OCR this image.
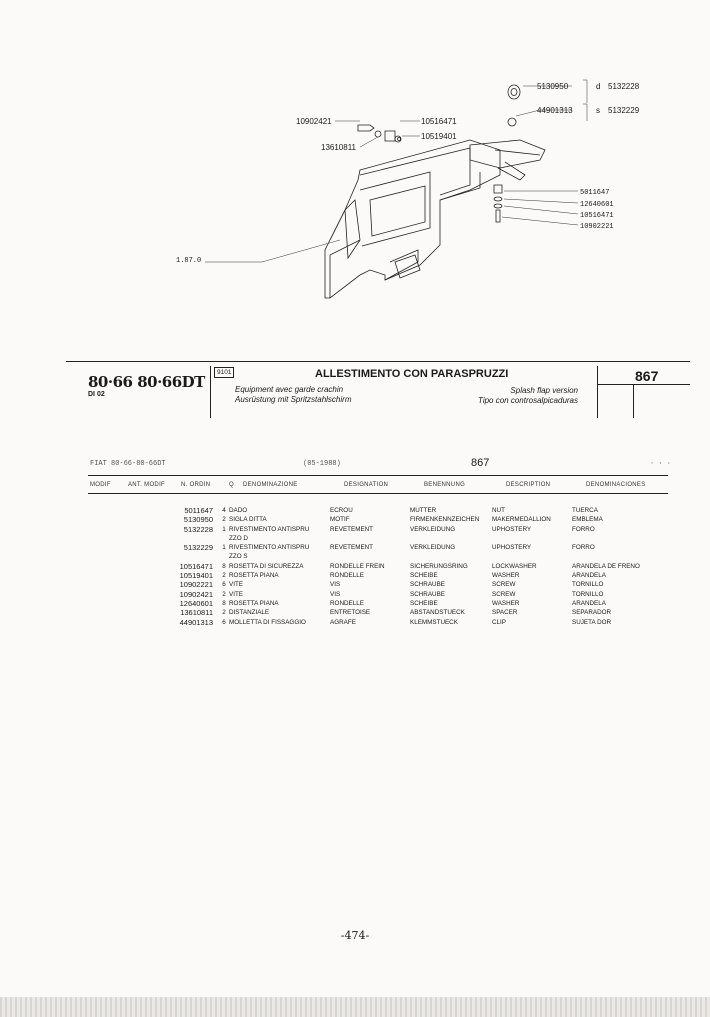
5130950	d 5132228
44901313	s 5132229
10902421
13610811
10516471
10519401
5011647
12640601
10516471
10902221
1.87.0
80·66 80·66DT
DI 02
9101	ALLESTIMENTO CON PARASPRUZZI	867
Equipment avec garde crachin
Ausrüstung mit Spritzstahlschirm
Splash flap version
Tipo con controsalpicaduras
FIAT 80-66-80-66DT	(05-1988)	867	· · ·
MODIF	ANT. MODIF	N. ORDIN	Q DENOMINAZIONE	DESIGNATION	BENENNUNG	DESCRIPTION	DENOMINACIONES
5011647	4	DADO	ECROU	MUTTER	NUT	TUERCA
5130950	2	SIGLA DITTA	MOTIF	FIRMENKENNZEICHEN	MAKERMEDALLION	EMBLEMA
5132228	1	RIVESTIMENTO ANTISPRU	REVETEMENT	VERKLEIDUNG	UPHOSTERY	FORRO
		ZZO D				
5132229	1	RIVESTIMENTO ANTISPRU	REVETEMENT	VERKLEIDUNG	UPHOSTERY	FORRO
		ZZO S				
10516471	8	ROSETTA DI SICUREZZA	RONDELLE FREIN	SICHERUNGSRING	LOCKWASHER	ARANDELA DE FRENO
10519401	2	ROSETTA PIANA	RONDELLE	SCHEIBE	WASHER	ARANDELA
10902221	6	VITE	VIS	SCHRAUBE	SCREW	TORNILLO
10902421	2	VITE	VIS	SCHRAUBE	SCREW	TORNILLO
12640601	8	ROSETTA PIANA	RONDELLE	SCHEIBE	WASHER	ARANDELA
13610811	2	DISTANZIALE	ENTRETOISE	ABSTANDSTUECK	SPACER	SEPARADOR
44901313	6	MOLLETTA DI FISSAGGIO	AGRAFE	KLEMMSTUECK	CLIP	SUJETA DOR
-474-
